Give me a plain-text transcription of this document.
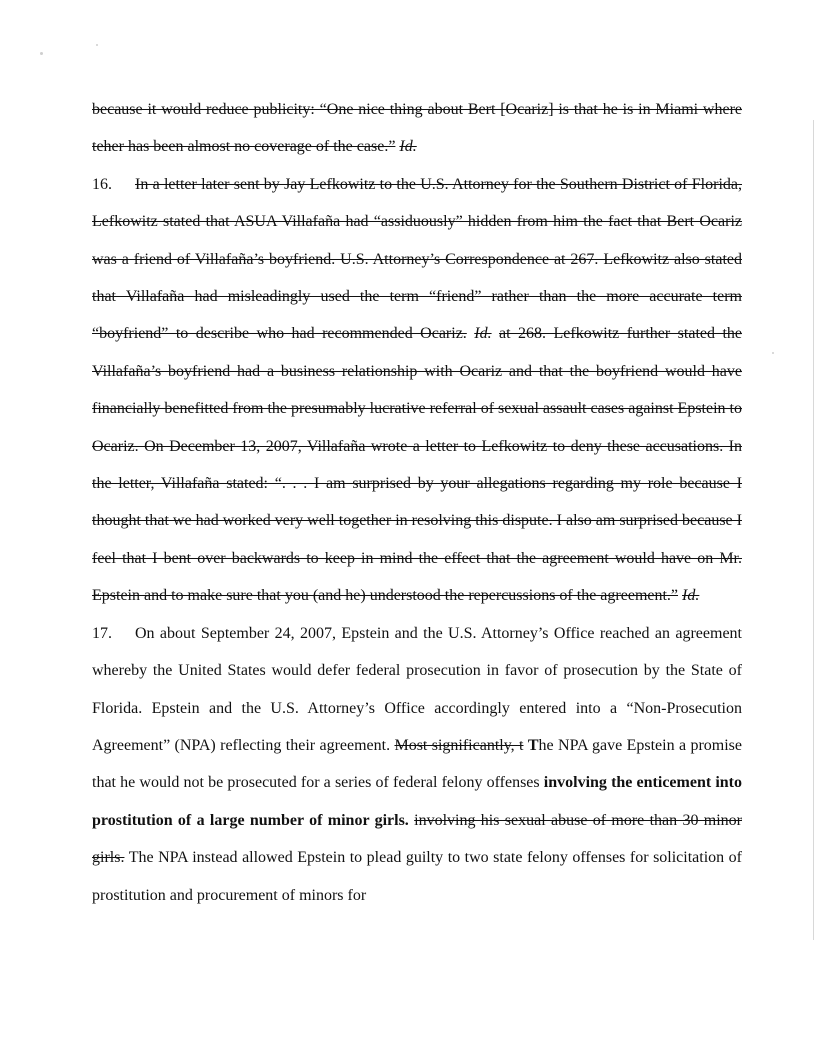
because it would reduce publicity: “One nice thing about Bert [Ocariz] is that he is in Miami where teher has been almost no coverage of the case.” Id.

16. In a letter later sent by Jay Lefkowitz to the U.S. Attorney for the Southern District of Florida, Lefkowitz stated that ASUA Villafaña had “assiduously” hidden from him the fact that Bert Ocariz was a friend of Villafaña’s boyfriend. U.S. Attorney’s Correspondence at 267. Lefkowitz also stated that Villafaña had misleadingly used the term “friend” rather than the more accurate term “boyfriend” to describe who had recommended Ocariz. Id. at 268. Lefkowitz further stated the Villafaña’s boyfriend had a business relationship with Ocariz and that the boyfriend would have financially benefitted from the presumably lucrative referral of sexual assault cases against Epstein to Ocariz. On December 13, 2007, Villafaña wrote a letter to Lefkowitz to deny these accusations. In the letter, Villafaña stated: “. . . I am surprised by your allegations regarding my role because I thought that we had worked very well together in resolving this dispute. I also am surprised because I feel that I bent over backwards to keep in mind the effect that the agreement would have on Mr. Epstein and to make sure that you (and he) understood the repercussions of the agreement.” Id.

17. On about September 24, 2007, Epstein and the U.S. Attorney’s Office reached an agreement whereby the United States would defer federal prosecution in favor of prosecution by the State of Florida. Epstein and the U.S. Attorney’s Office accordingly entered into a “Non-Prosecution Agreement” (NPA) reflecting their agreement. Most significantly, t The NPA gave Epstein a promise that he would not be prosecuted for a series of federal felony offenses involving the enticement into prostitution of a large number of minor girls. involving his sexual abuse of more than 30 minor girls. The NPA instead allowed Epstein to plead guilty to two state felony offenses for solicitation of prostitution and procurement of minors for
